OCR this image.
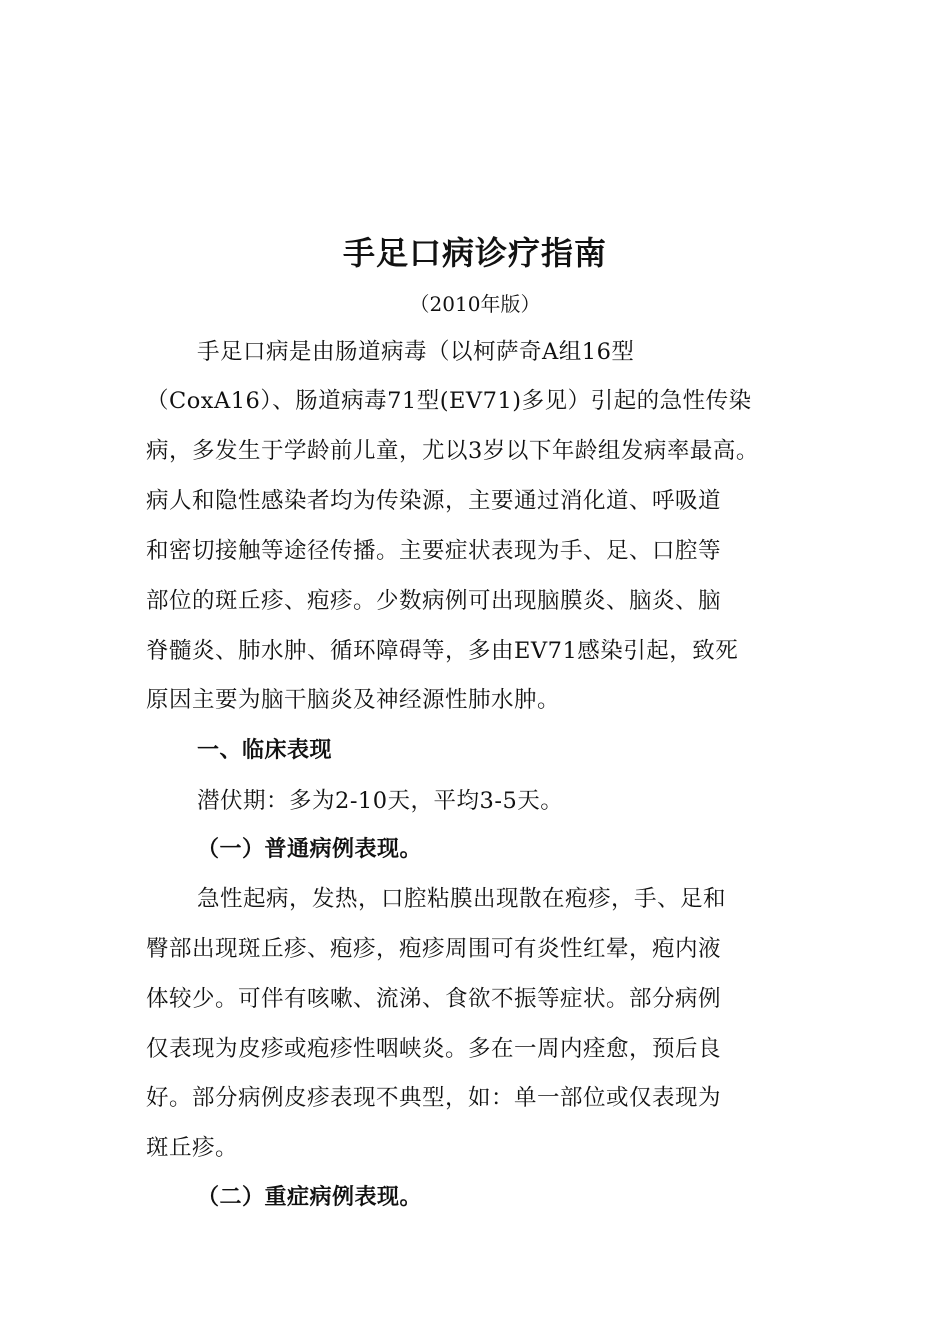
手足口病诊疗指南
（2010年版）
手足口病是由肠道病毒（以柯萨奇A组16型
（CoxA16）、肠道病毒71型(EV71)多见）引起的急性传染
病，多发生于学龄前儿童，尤以3岁以下年龄组发病率最高。
病人和隐性感染者均为传染源，主要通过消化道、呼吸道
和密切接触等途径传播。主要症状表现为手、足、口腔等
部位的斑丘疹、疱疹。少数病例可出现脑膜炎、脑炎、脑
脊髓炎、肺水肿、循环障碍等，多由EV71感染引起，致死
原因主要为脑干脑炎及神经源性肺水肿。
一、临床表现
潜伏期：多为2-10天，平均3-5天。
（一）普通病例表现。
急性起病，发热，口腔粘膜出现散在疱疹，手、足和
臀部出现斑丘疹、疱疹，疱疹周围可有炎性红晕，疱内液
体较少。可伴有咳嗽、流涕、食欲不振等症状。部分病例
仅表现为皮疹或疱疹性咽峡炎。多在一周内痊愈，预后良
好。部分病例皮疹表现不典型，如：单一部位或仅表现为
斑丘疹。
（二）重症病例表现。
